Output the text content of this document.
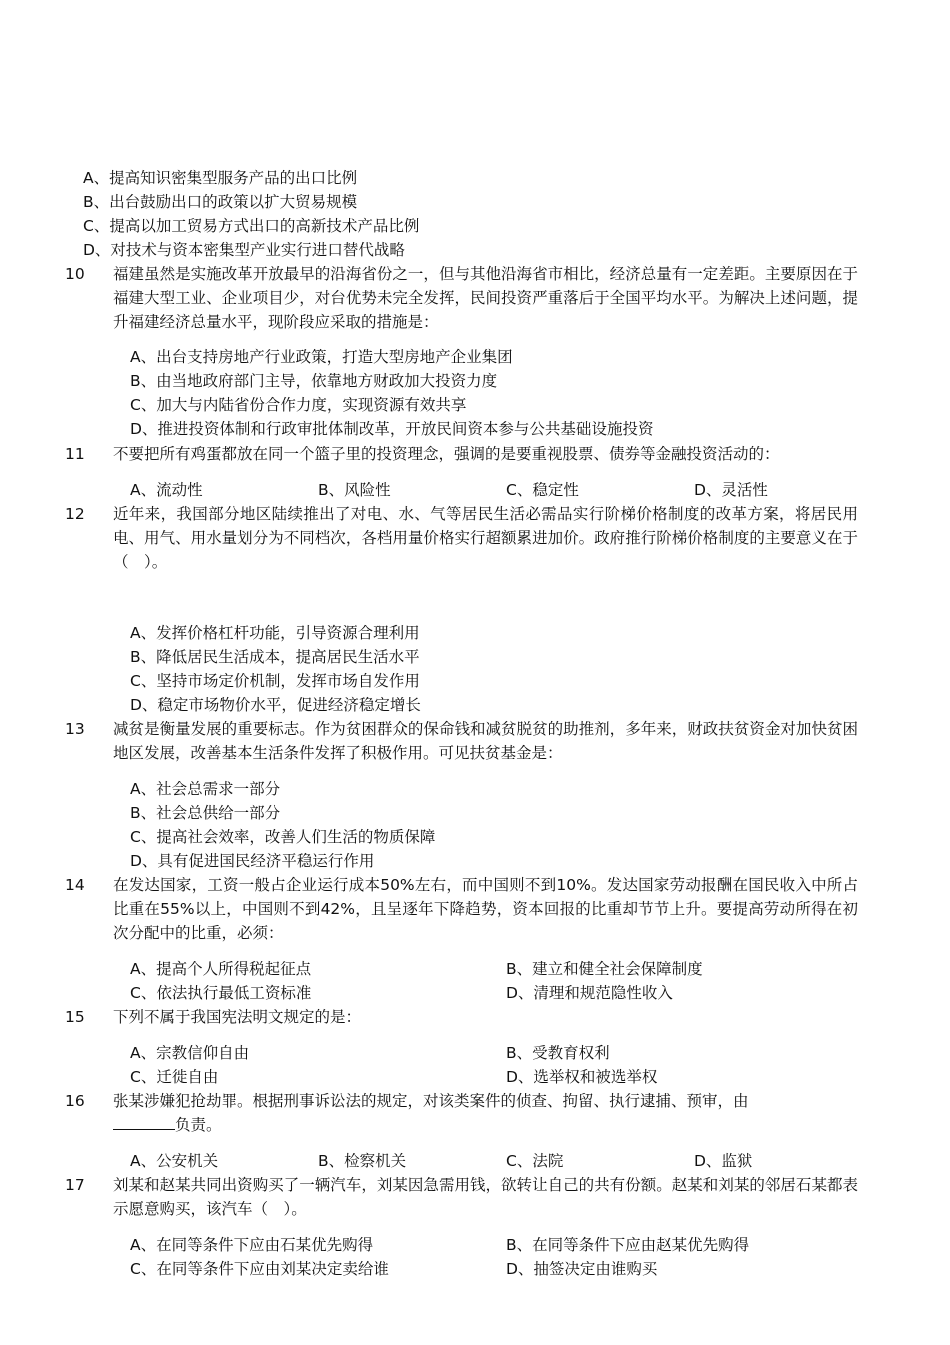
A、提高知识密集型服务产品的出口比例
B、出台鼓励出口的政策以扩大贸易规模
C、提高以加工贸易方式出口的高新技术产品比例
D、对技术与资本密集型产业实行进口替代战略
10 福建虽然是实施改革开放最早的沿海省份之一，但与其他沿海省市相比，经济总量有一定差距。主要原因在于福建大型工业、企业项目少，对台优势未完全发挥，民间投资严重落后于全国平均水平。为解决上述问题，提升福建经济总量水平，现阶段应采取的措施是：
A、出台支持房地产行业政策，打造大型房地产企业集团
B、由当地政府部门主导，依靠地方财政加大投资力度
C、加大与内陆省份合作力度，实现资源有效共享
D、推进投资体制和行政审批体制改革，开放民间资本参与公共基础设施投资
11 不要把所有鸡蛋都放在同一个篮子里的投资理念，强调的是要重视股票、债券等金融投资活动的：
A、流动性	B、风险性	C、稳定性	D、灵活性
12 近年来，我国部分地区陆续推出了对电、水、气等居民生活必需品实行阶梯价格制度的改革方案，将居民用电、用气、用水量划分为不同档次，各档用量价格实行超额累进加价。政府推行阶梯价格制度的主要意义在于（　）。
A、发挥价格杠杆功能，引导资源合理利用
B、降低居民生活成本，提高居民生活水平
C、坚持市场定价机制，发挥市场自发作用
D、稳定市场物价水平，促进经济稳定增长
13 减贫是衡量发展的重要标志。作为贫困群众的保命钱和减贫脱贫的助推剂，多年来，财政扶贫资金对加快贫困地区发展，改善基本生活条件发挥了积极作用。可见扶贫基金是：
A、社会总需求一部分
B、社会总供给一部分
C、提高社会效率，改善人们生活的物质保障
D、具有促进国民经济平稳运行作用
14 在发达国家，工资一般占企业运行成本50%左右，而中国则不到10%。发达国家劳动报酬在国民收入中所占比重在55%以上，中国则不到42%，且呈逐年下降趋势，资本回报的比重却节节上升。要提高劳动所得在初次分配中的比重，必须：
A、提高个人所得税起征点	B、建立和健全社会保障制度
C、依法执行最低工资标准	D、清理和规范隐性收入
15 下列不属于我国宪法明文规定的是：
A、宗教信仰自由	B、受教育权利
C、迁徙自由	D、选举权和被选举权
16 张某涉嫌犯抢劫罪。根据刑事诉讼法的规定，对该类案件的侦查、拘留、执行逮捕、预审，由
负责。
A、公安机关	B、检察机关	C、法院	D、监狱
17 刘某和赵某共同出资购买了一辆汽车，刘某因急需用钱，欲转让自己的共有份额。赵某和刘某的邻居石某都表示愿意购买，该汽车（　）。
A、在同等条件下应由石某优先购得	B、在同等条件下应由赵某优先购得
C、在同等条件下应由刘某决定卖给谁	D、抽签决定由谁购买
